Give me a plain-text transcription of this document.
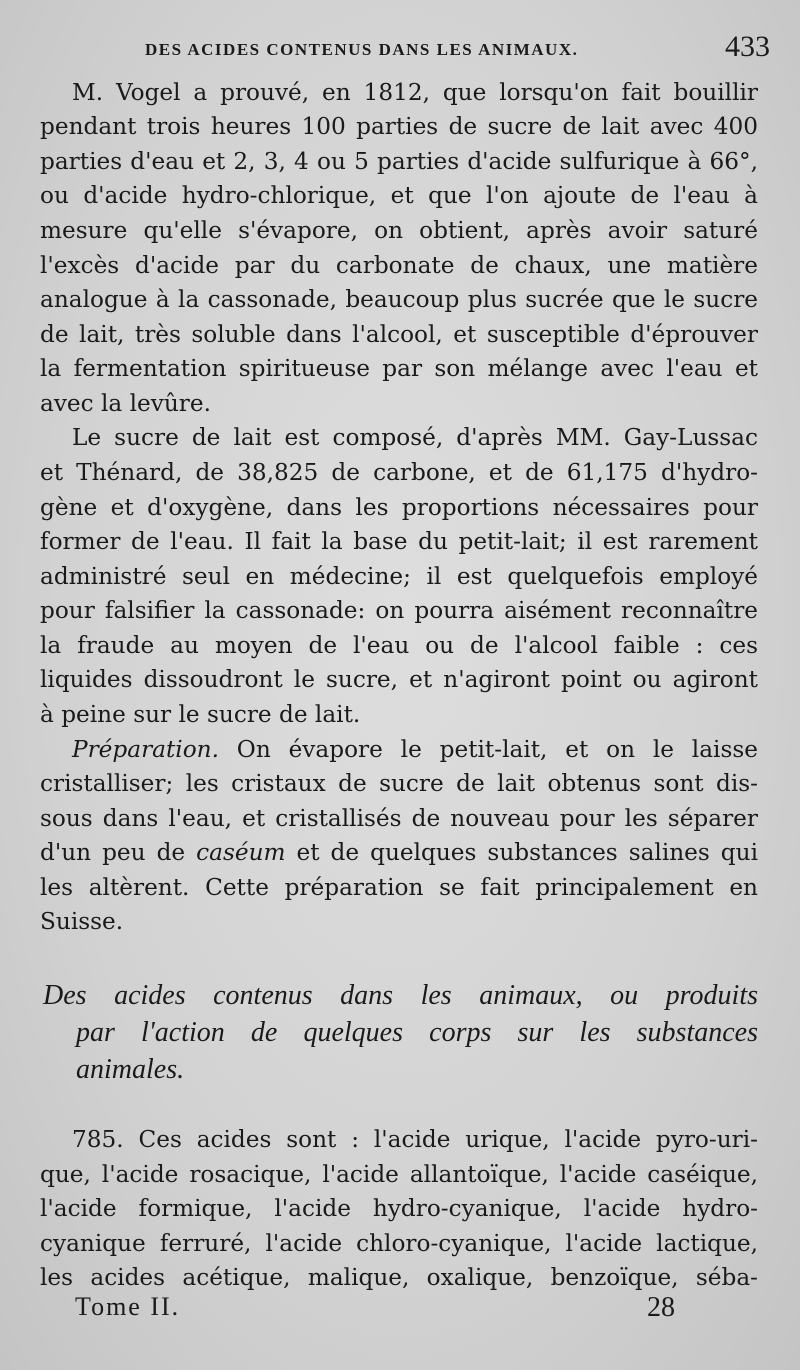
DES ACIDES CONTENUS DANS LES ANIMAUX.	433
M. Vogel a prouvé, en 1812, que lorsqu'on fait bouillir
pendant trois heures 100 parties de sucre de lait avec 400
parties d'eau et 2, 3, 4 ou 5 parties d'acide sulfurique à 66°,
ou d'acide hydro-chlorique, et que l'on ajoute de l'eau à
mesure qu'elle s'évapore, on obtient, après avoir saturé
l'excès d'acide par du carbonate de chaux, une matière
analogue à la cassonade, beaucoup plus sucrée que le sucre
de lait, très soluble dans l'alcool, et susceptible d'éprouver
la fermentation spiritueuse par son mélange avec l'eau et
avec la levûre.
Le sucre de lait est composé, d'après MM. Gay-Lussac
et Thénard, de 38,825 de carbone, et de 61,175 d'hydro-
gène et d'oxygène, dans les proportions nécessaires pour
former de l'eau. Il fait la base du petit-lait; il est rarement
administré seul en médecine; il est quelquefois employé
pour falsifier la cassonade: on pourra aisément reconnaître
la fraude au moyen de l'eau ou de l'alcool faible : ces
liquides dissoudront le sucre, et n'agiront point ou agiront
à peine sur le sucre de lait.
Préparation. On évapore le petit-lait, et on le laisse
cristalliser; les cristaux de sucre de lait obtenus sont dis-
sous dans l'eau, et cristallisés de nouveau pour les séparer
d'un peu de caséum et de quelques substances salines qui
les altèrent. Cette préparation se fait principalement en
Suisse.
Des acides contenus dans les animaux, ou produits
par l'action de quelques corps sur les substances
animales.
785. Ces acides sont : l'acide urique, l'acide pyro-uri-
que, l'acide rosacique, l'acide allantoïque, l'acide caséique,
l'acide formique, l'acide hydro-cyanique, l'acide hydro-
cyanique ferruré, l'acide chloro-cyanique, l'acide lactique,
les acides acétique, malique, oxalique, benzoïque, séba-
Tome II.	28
